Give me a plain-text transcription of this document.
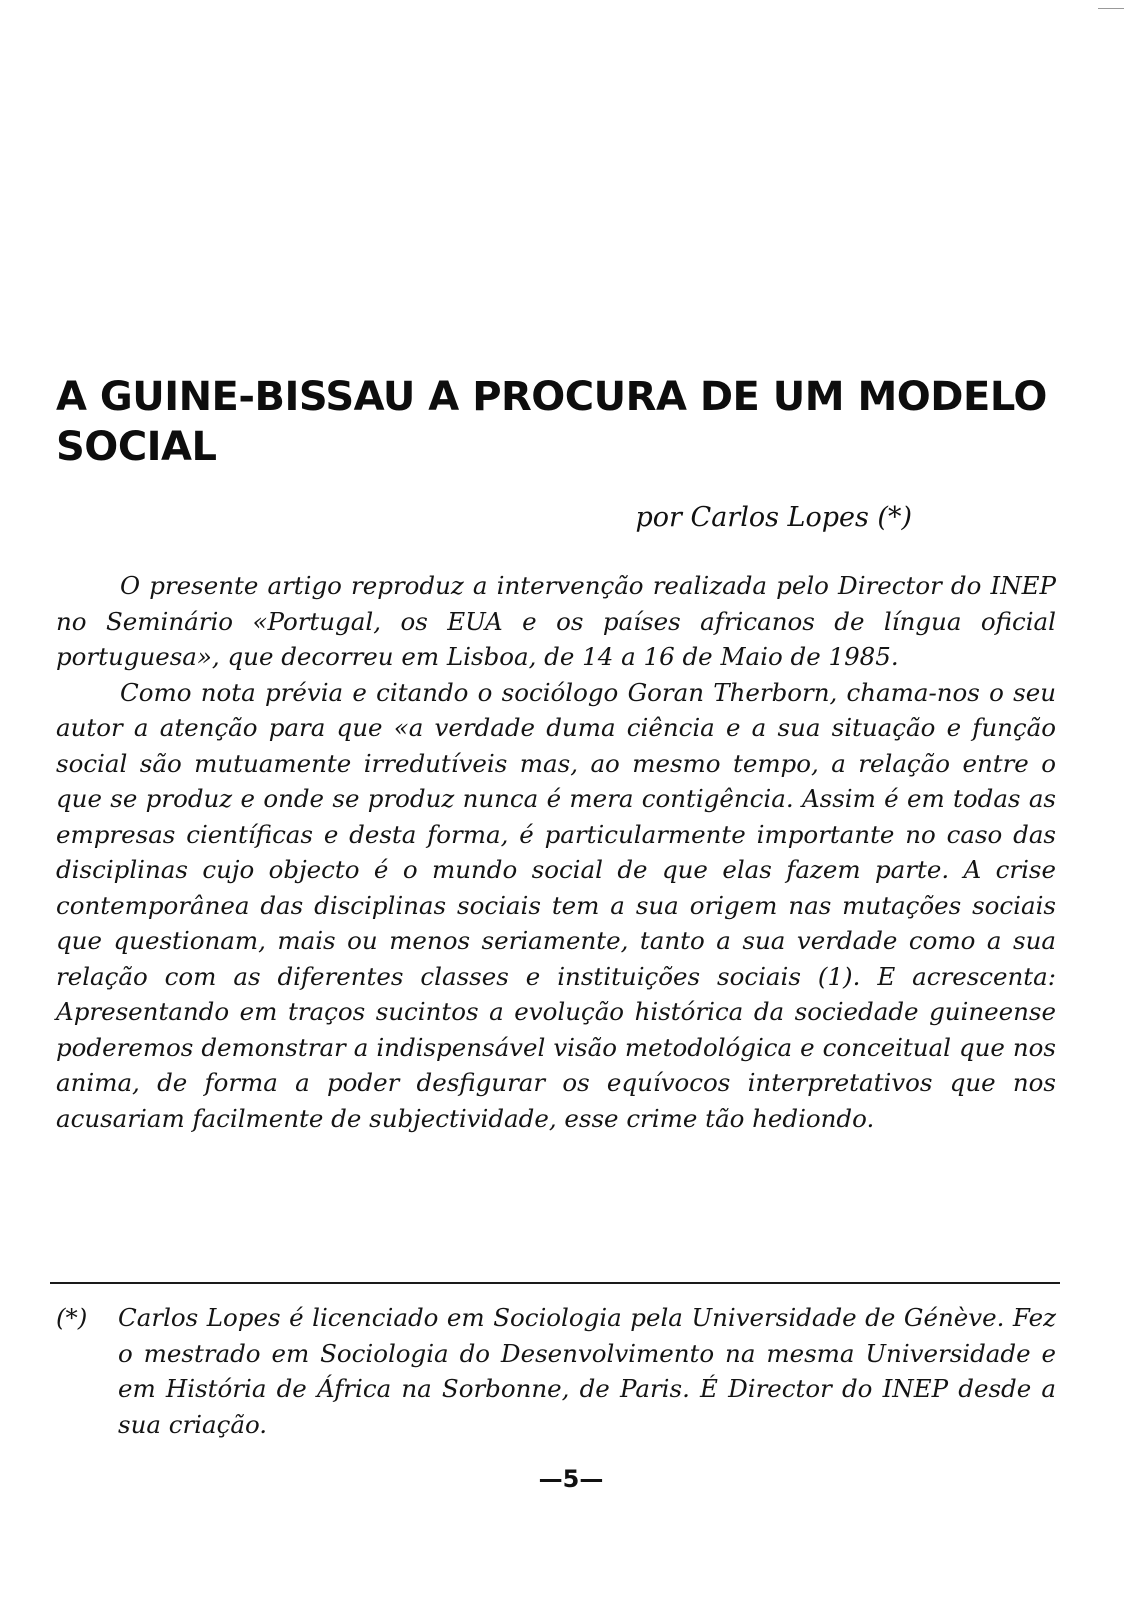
A GUINE-BISSAU A PROCURA DE UM MODELO SOCIAL
por Carlos Lopes (*)

O presente artigo reproduz a intervenção realizada pelo Director do INEP no Seminário «Portugal, os EUA e os países africanos de língua oficial portuguesa», que decorreu em Lisboa, de 14 a 16 de Maio de 1985.

Como nota prévia e citando o sociólogo Goran Therborn, chama-nos o seu autor a atenção para que «a verdade duma ciência e a sua situação e função social são mutuamente irredutíveis mas, ao mesmo tempo, a relação entre o que se produz e onde se produz nunca é mera contigência. Assim é em todas as empresas científicas e desta forma, é particularmente importante no caso das disciplinas cujo objecto é o mundo social de que elas fazem parte. A crise contemporânea das disciplinas sociais tem a sua origem nas mutações sociais que questionam, mais ou menos seriamente, tanto a sua verdade como a sua relação com as diferentes classes e instituições sociais (1). E acrescenta: Apresentando em traços sucintos a evolução histórica da sociedade guineense poderemos demonstrar a indispensável visão metodológica e conceitual que nos anima, de forma a poder desfigurar os equívocos interpretativos que nos acusariam facilmente de subjectividade, esse crime tão hediondo.

(*) Carlos Lopes é licenciado em Sociologia pela Universidade de Génève. Fez o mestrado em Sociologia do Desenvolvimento na mesma Universidade e em História de África na Sorbonne, de Paris. É Director do INEP desde a sua criação.
—5—
